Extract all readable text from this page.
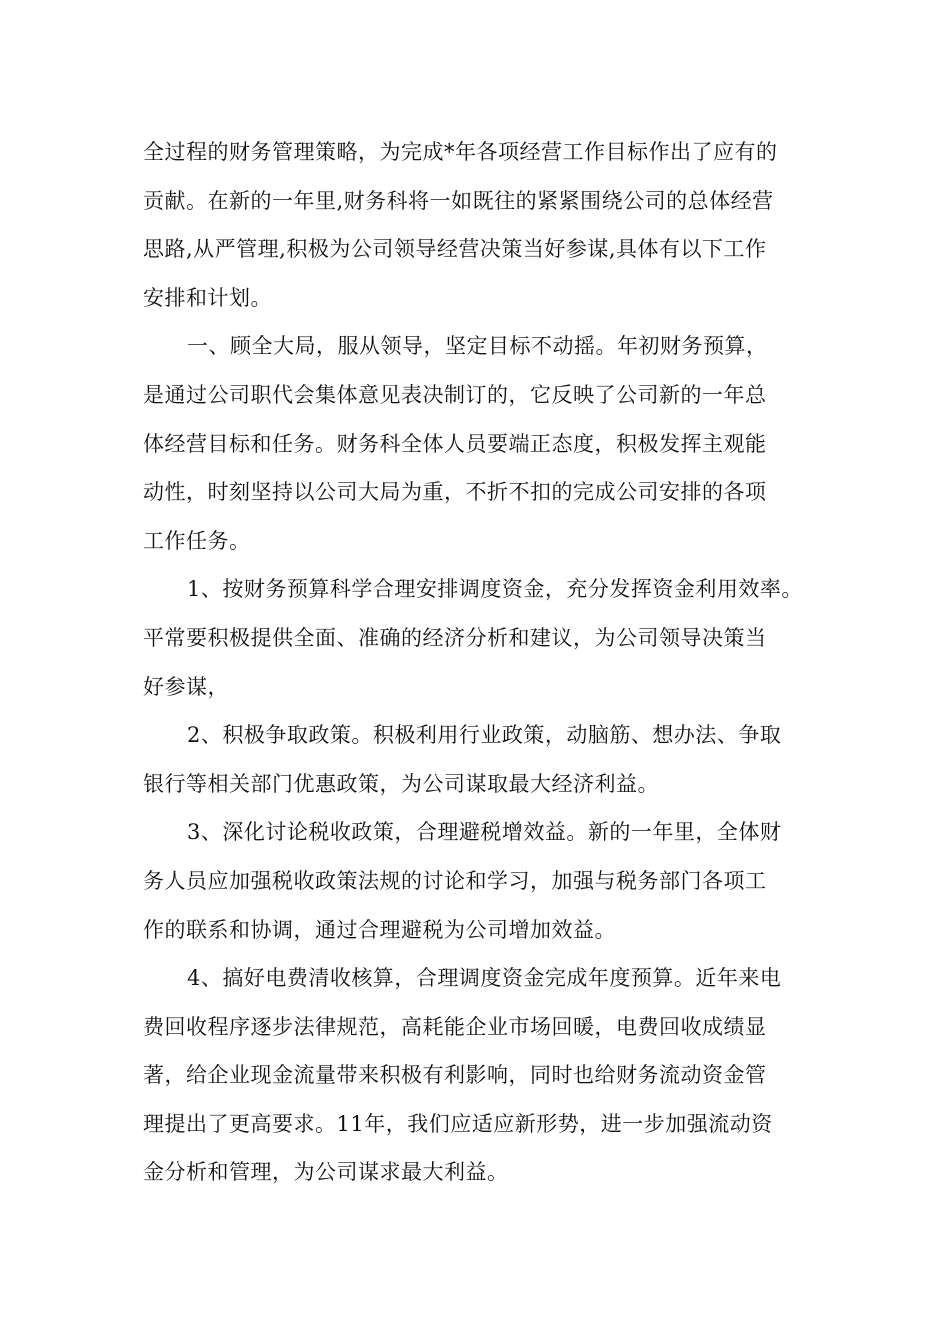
全过程的财务管理策略，为完成*年各项经营工作目标作出了应有的
贡献。在新的一年里,财务科将一如既往的紧紧围绕公司的总体经营
思路,从严管理,积极为公司领导经营决策当好参谋,具体有以下工作
安排和计划。
一、顾全大局，服从领导，坚定目标不动摇。年初财务预算，
是通过公司职代会集体意见表决制订的，它反映了公司新的一年总
体经营目标和任务。财务科全体人员要端正态度，积极发挥主观能
动性，时刻坚持以公司大局为重，不折不扣的完成公司安排的各项
工作任务。
1、按财务预算科学合理安排调度资金，充分发挥资金利用效率。
平常要积极提供全面、准确的经济分析和建议，为公司领导决策当
好参谋，
2、积极争取政策。积极利用行业政策，动脑筋、想办法、争取
银行等相关部门优惠政策，为公司谋取最大经济利益。
3、深化讨论税收政策，合理避税增效益。新的一年里，全体财
务人员应加强税收政策法规的讨论和学习，加强与税务部门各项工
作的联系和协调，通过合理避税为公司增加效益。
4、搞好电费清收核算，合理调度资金完成年度预算。近年来电
费回收程序逐步法律规范，高耗能企业市场回暖，电费回收成绩显
著，给企业现金流量带来积极有利影响，同时也给财务流动资金管
理提出了更高要求。11年，我们应适应新形势，进一步加强流动资
金分析和管理，为公司谋求最大利益。
